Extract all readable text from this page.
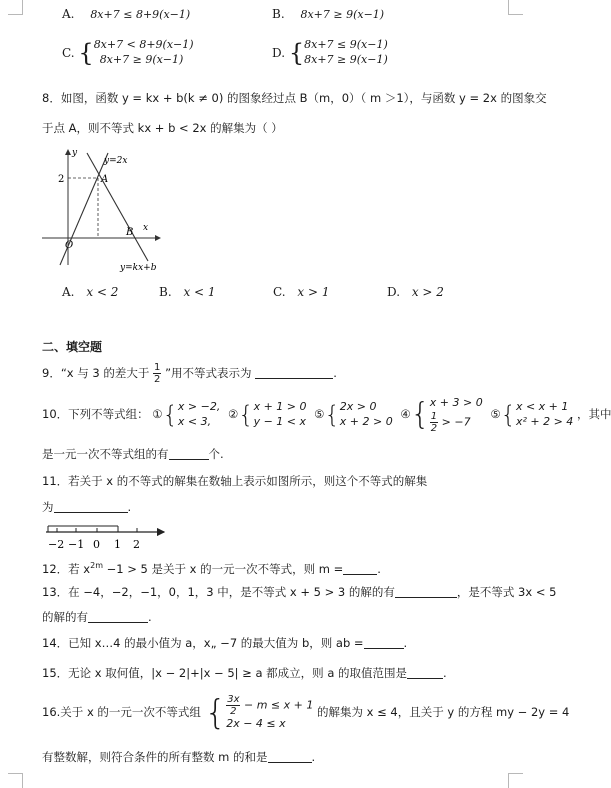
A. 8x+7 ≤ 8+9(x−1)	B. 8x+7 ≥ 9(x−1)
C. {8x+7 < 8+9(x−1)
8x+7 ≥ 9(x−1)	D. {8x+7 ≤ 9(x−1)
8x+7 ≥ 9(x−1)
8．如图，函数 y = kx + b(k ≠ 0) 的图象经过点 B（m，0）（ m ＞1），与函数 y = 2x 的图象交
于点 A，则不等式 kx + b < 2x 的解集为（ ）
y
x
O
2	A
B
y=2x
y=kx+b
A. x < 2	B. x < 1	C. x > 1	D. x > 2
二、填空题
9．“x 与 3 的差大于 $\frac{1}{2}$ ”用不等式表示为	.
10．下列不等式组： ①{x > −2,
x < 3, ②{x + 1 > 0
y − 1 < x ⑤{2x > 0
x + 2 > 0 ④{x + 3 > 0

$\frac{1}{2} > -7$ ⑤{x < x + 1
x² + 2 > 4 ，其中
是一元一次不等式组的有	个.
11．若关于 x 的不等式的解集在数轴上表示如图所示，则这个不等式的解集
为	.
−2 −1 0 1 2
12．若 $x^{2m} -1 > 5$ 是关于 x 的一元一次不等式，则 m =	.
13．在 −4，−2，−1，0，1，3 中，是不等式 x + 5 > 3 的解的有	，是不等式 3x < 5
的解的有	.
14．已知 x…4 的最小值为 a，x„ −7 的最大值为 b，则 ab =	.
15．无论 x 取何值，|x − 2|+|x − 5| ≥ a 都成立，则 a 的取值范围是	.
16.关于 x 的一元一次不等式组 { $\frac{3x}{2} - m \le x + 1$
2x − 4 ≤ x 的解集为 x ≤ 4，且关于 y 的方程 my − 2y = 4
有整数解，则符合条件的所有整数 m 的和是	.
